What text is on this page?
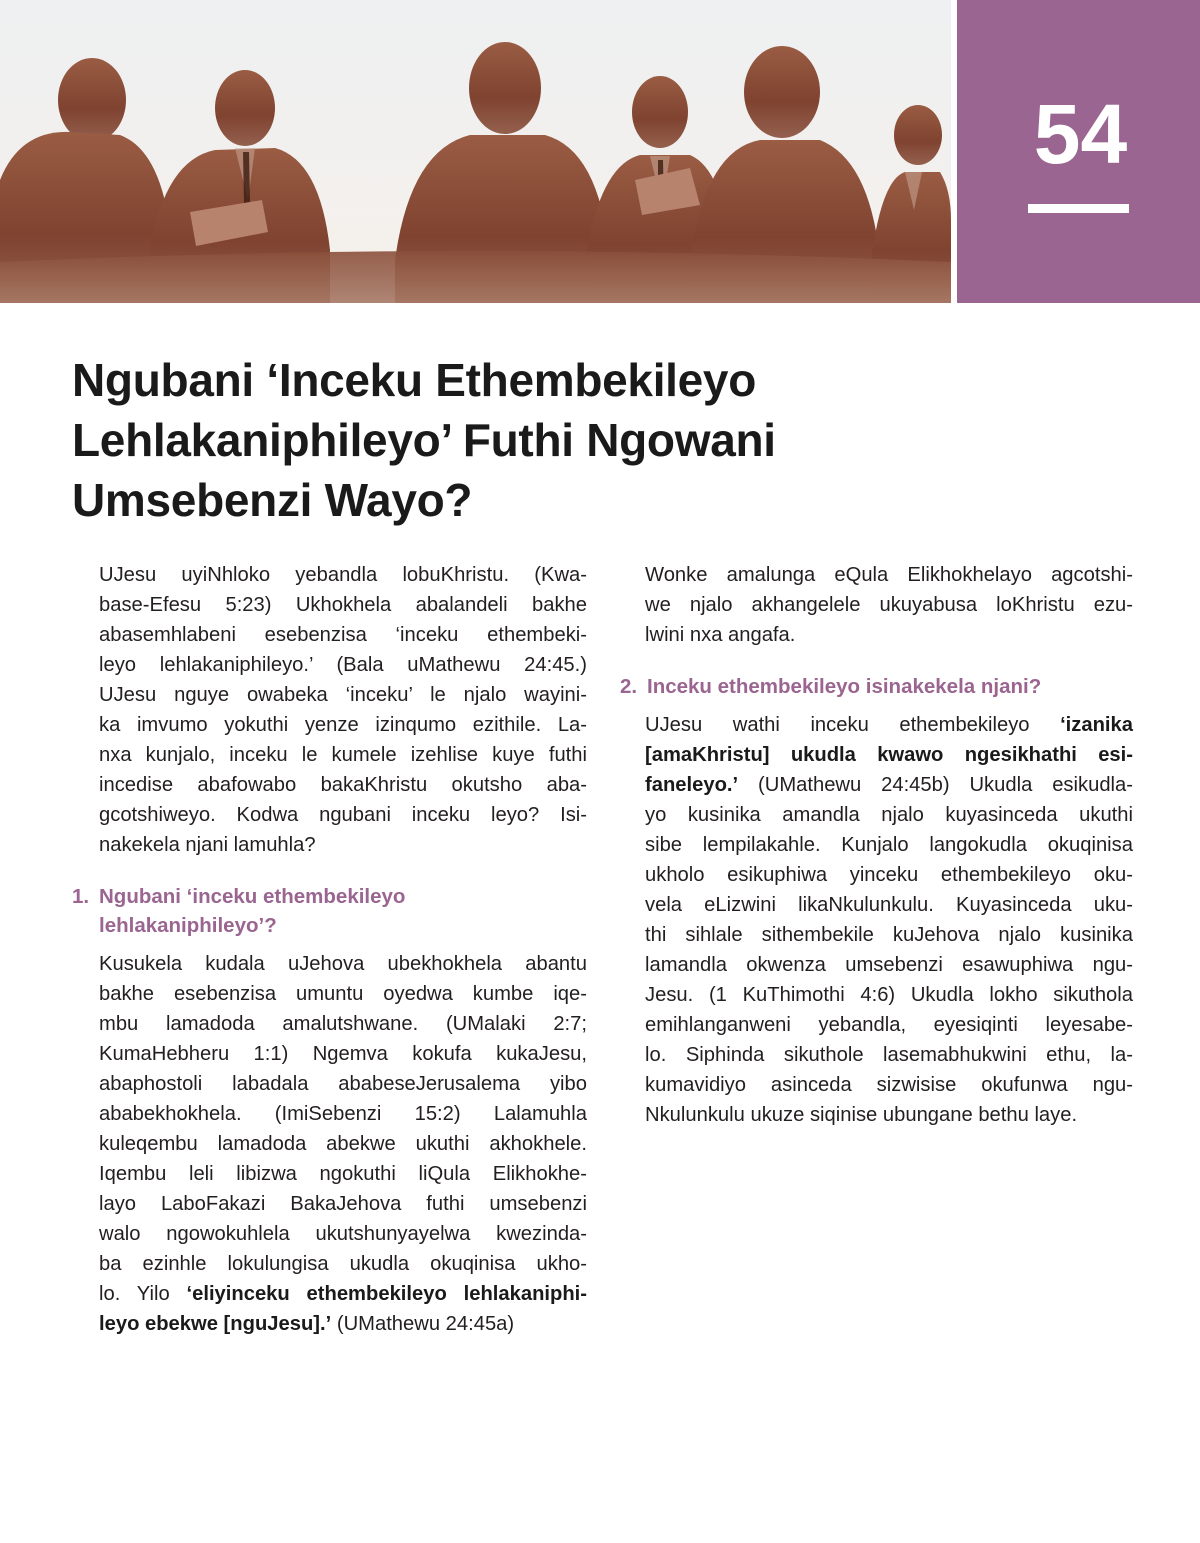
54
Ngubani ‘Inceku Ethembekileyo
Lehlakaniphileyo’ Futhi Ngowani
Umsebenzi Wayo?
UJesu uyiNhloko yebandla lobuKhristu. (Kwa-
base-Efesu 5:23) Ukhokhela abalandeli bakhe
abasemhlabeni esebenzisa ‘inceku ethembeki-
leyo lehlakaniphileyo.’ (Bala uMathewu 24:45.)
UJesu nguye owabeka ‘inceku’ le njalo wayini-
ka imvumo yokuthi yenze izinqumo ezithile. La-
nxa kunjalo, inceku le kumele izehlise kuye futhi
incedise abafowabo bakaKhristu okutsho aba-
gcotshiweyo. Kodwa ngubani inceku leyo? Isi-
nakekela njani lamuhla?
1. Ngubani ‘inceku ethembekileyo
lehlakaniphileyo’?
Kusukela kudala uJehova ubekhokhela abantu
bakhe esebenzisa umuntu oyedwa kumbe iqe-
mbu lamadoda amalutshwane. (UMalaki 2:7;
KumaHebheru 1:1) Ngemva kokufa kukaJesu,
abaphostoli labadala ababeseJerusalema yibo
ababekhokhela. (ImiSebenzi 15:2) Lalamuhla
kuleqembu lamadoda abekwe ukuthi akhokhele.
Iqembu leli libizwa ngokuthi liQula Elikhokhe-
layo LaboFakazi BakaJehova futhi umsebenzi
walo ngowokuhlela ukutshunyayelwa kwezinda-
ba ezinhle lokulungisa ukudla okuqinisa ukho-
lo. Yilo ‘eliyinceku ethembekileyo lehlakaniphi-
leyo ebekwe [nguJesu].’ (UMathewu 24:45a)
Wonke amalunga eQula Elikhokhelayo agcotshi-
we njalo akhangelele ukuyabusa loKhristu ezu-
lwini nxa angafa.
2. Inceku ethembekileyo isinakekela njani?
UJesu wathi inceku ethembekileyo ‘izanika
[amaKhristu] ukudla kwawo ngesikhathi esi-
faneleyo.’ (UMathewu 24:45b) Ukudla esikudla-
yo kusinika amandla njalo kuyasinceda ukuthi
sibe lempilakahle. Kunjalo langokudla okuqinisa
ukholo esikuphiwa yinceku ethembekileyo oku-
vela eLizwini likaNkulunkulu. Kuyasinceda uku-
thi sihlale sithembekile kuJehova njalo kusinika
lamandla okwenza umsebenzi esawuphiwa ngu-
Jesu. (1 KuThimothi 4:6) Ukudla lokho sikuthola
emihlanganweni yebandla, eyesiqinti leyesabe-
lo. Siphinda sikuthole lasemabhukwini ethu, la-
kumavidiyo asinceda sizwisise okufunwa ngu-
Nkulunkulu ukuze siqinise ubungane bethu laye.
